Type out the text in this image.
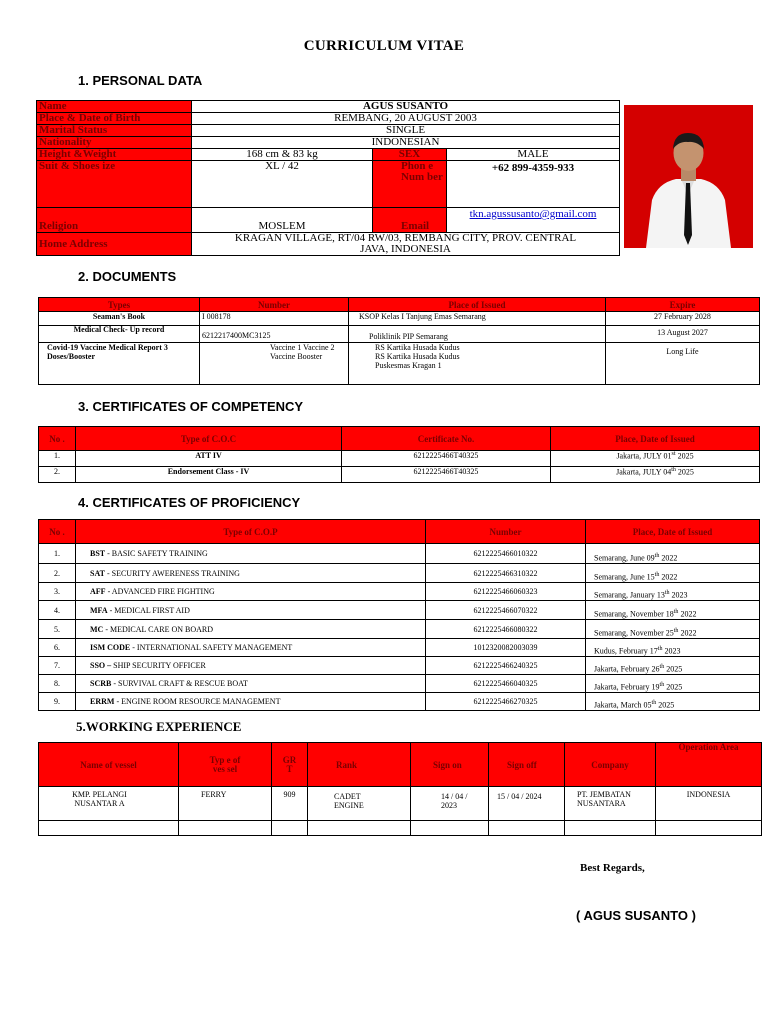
CURRICULUM VITAE
1. PERSONAL DATA
Name	AGUS SUSANTO		
Place & Date of Birth	REMBANG, 20 AUGUST 2003		
Marital Status	SINGLE		
Nationality	INDONESIAN		
Height &Weight	168 cm & 83 kg	SEX	MALE
Suit & Shoes ize	XL / 42	Phon e Num ber	+62 899-4359-933
Religion	MOSLEM	Email	tkn.agussusanto@gmail.com
Home Address	KRAGAN VILLAGE, RT/04 RW/03, REMBANG CITY, PROV. CENTRAL JAVA, INDONESIA		
2. DOCUMENTS
Types	Number	Place of Issued	Expire
Seaman's Book	I 008178	KSOP Kelas I Tanjung Emas Semarang	27 February 2028
Medical Check- Up record	6212217400MC3125	Poliklinik PIP Semarang	13 August 2027
Covid-19 Vaccine Medical Report 3 Doses/Booster	Vaccine 1 Vaccine 2 Vaccine Booster	RS Kartika Husada Kudus RS Kartika Husada Kudus Puskesmas Kragan 1	Long Life
3. CERTIFICATES OF COMPETENCY
No .	Type of C.O.C	Certificate No.	Place, Date of Issued
1.	ATT IV	6212225466T40325	Jakarta, JULY 01st 2025
2.	Endorsement Class - IV	6212225466T40325	Jakarta, JULY 04th 2025
4. CERTIFICATES OF PROFICIENCY
No .	Type of C.O.P	Number	Place, Date of Issued
1.	BST - BASIC SAFETY TRAINING	6212225466010322	Semarang, June 09th 2022
2.	SAT - SECURITY AWERENESS TRAINING	6212225466310322	Semarang, June 15th 2022
3.	AFF - ADVANCED FIRE FIGHTING	6212225466060323	Semarang, January 13th 2023
4.	MFA - MEDICAL FIRST AID	6212225466070322	Semarang, November 18th 2022
5.	MC - MEDICAL CARE ON BOARD	6212225466080322	Semarang, November 25th 2022
6.	ISM CODE - INTERNATIONAL SAFETY MANAGEMENT	1012320082003039	Kudus, February 17th 2023
7.	SSO – SHIP SECURITY OFFICER	6212225466240325	Jakarta, February 26th 2025
8.	SCRB - SURVIVAL CRAFT & RESCUE BOAT	6212225466040325	Jakarta, February 19th 2025
9.	ERRM - ENGINE ROOM RESOURCE MANAGEMENT	6212225466270325	Jakarta, March 05th 2025
5.WORKING EXPERIENCE
Name of vessel	Typ e of ves sel	GR T	Rank	Sign on	Sign off	Company	Operation Area
KMP. PELANGI NUSANTAR A	FERRY	909	CADET ENGINE	14 / 04 / 2023	15 / 04 / 2024	PT. JEMBATAN NUSANTARA	INDONESIA

Best Regards,
( AGUS SUSANTO )
